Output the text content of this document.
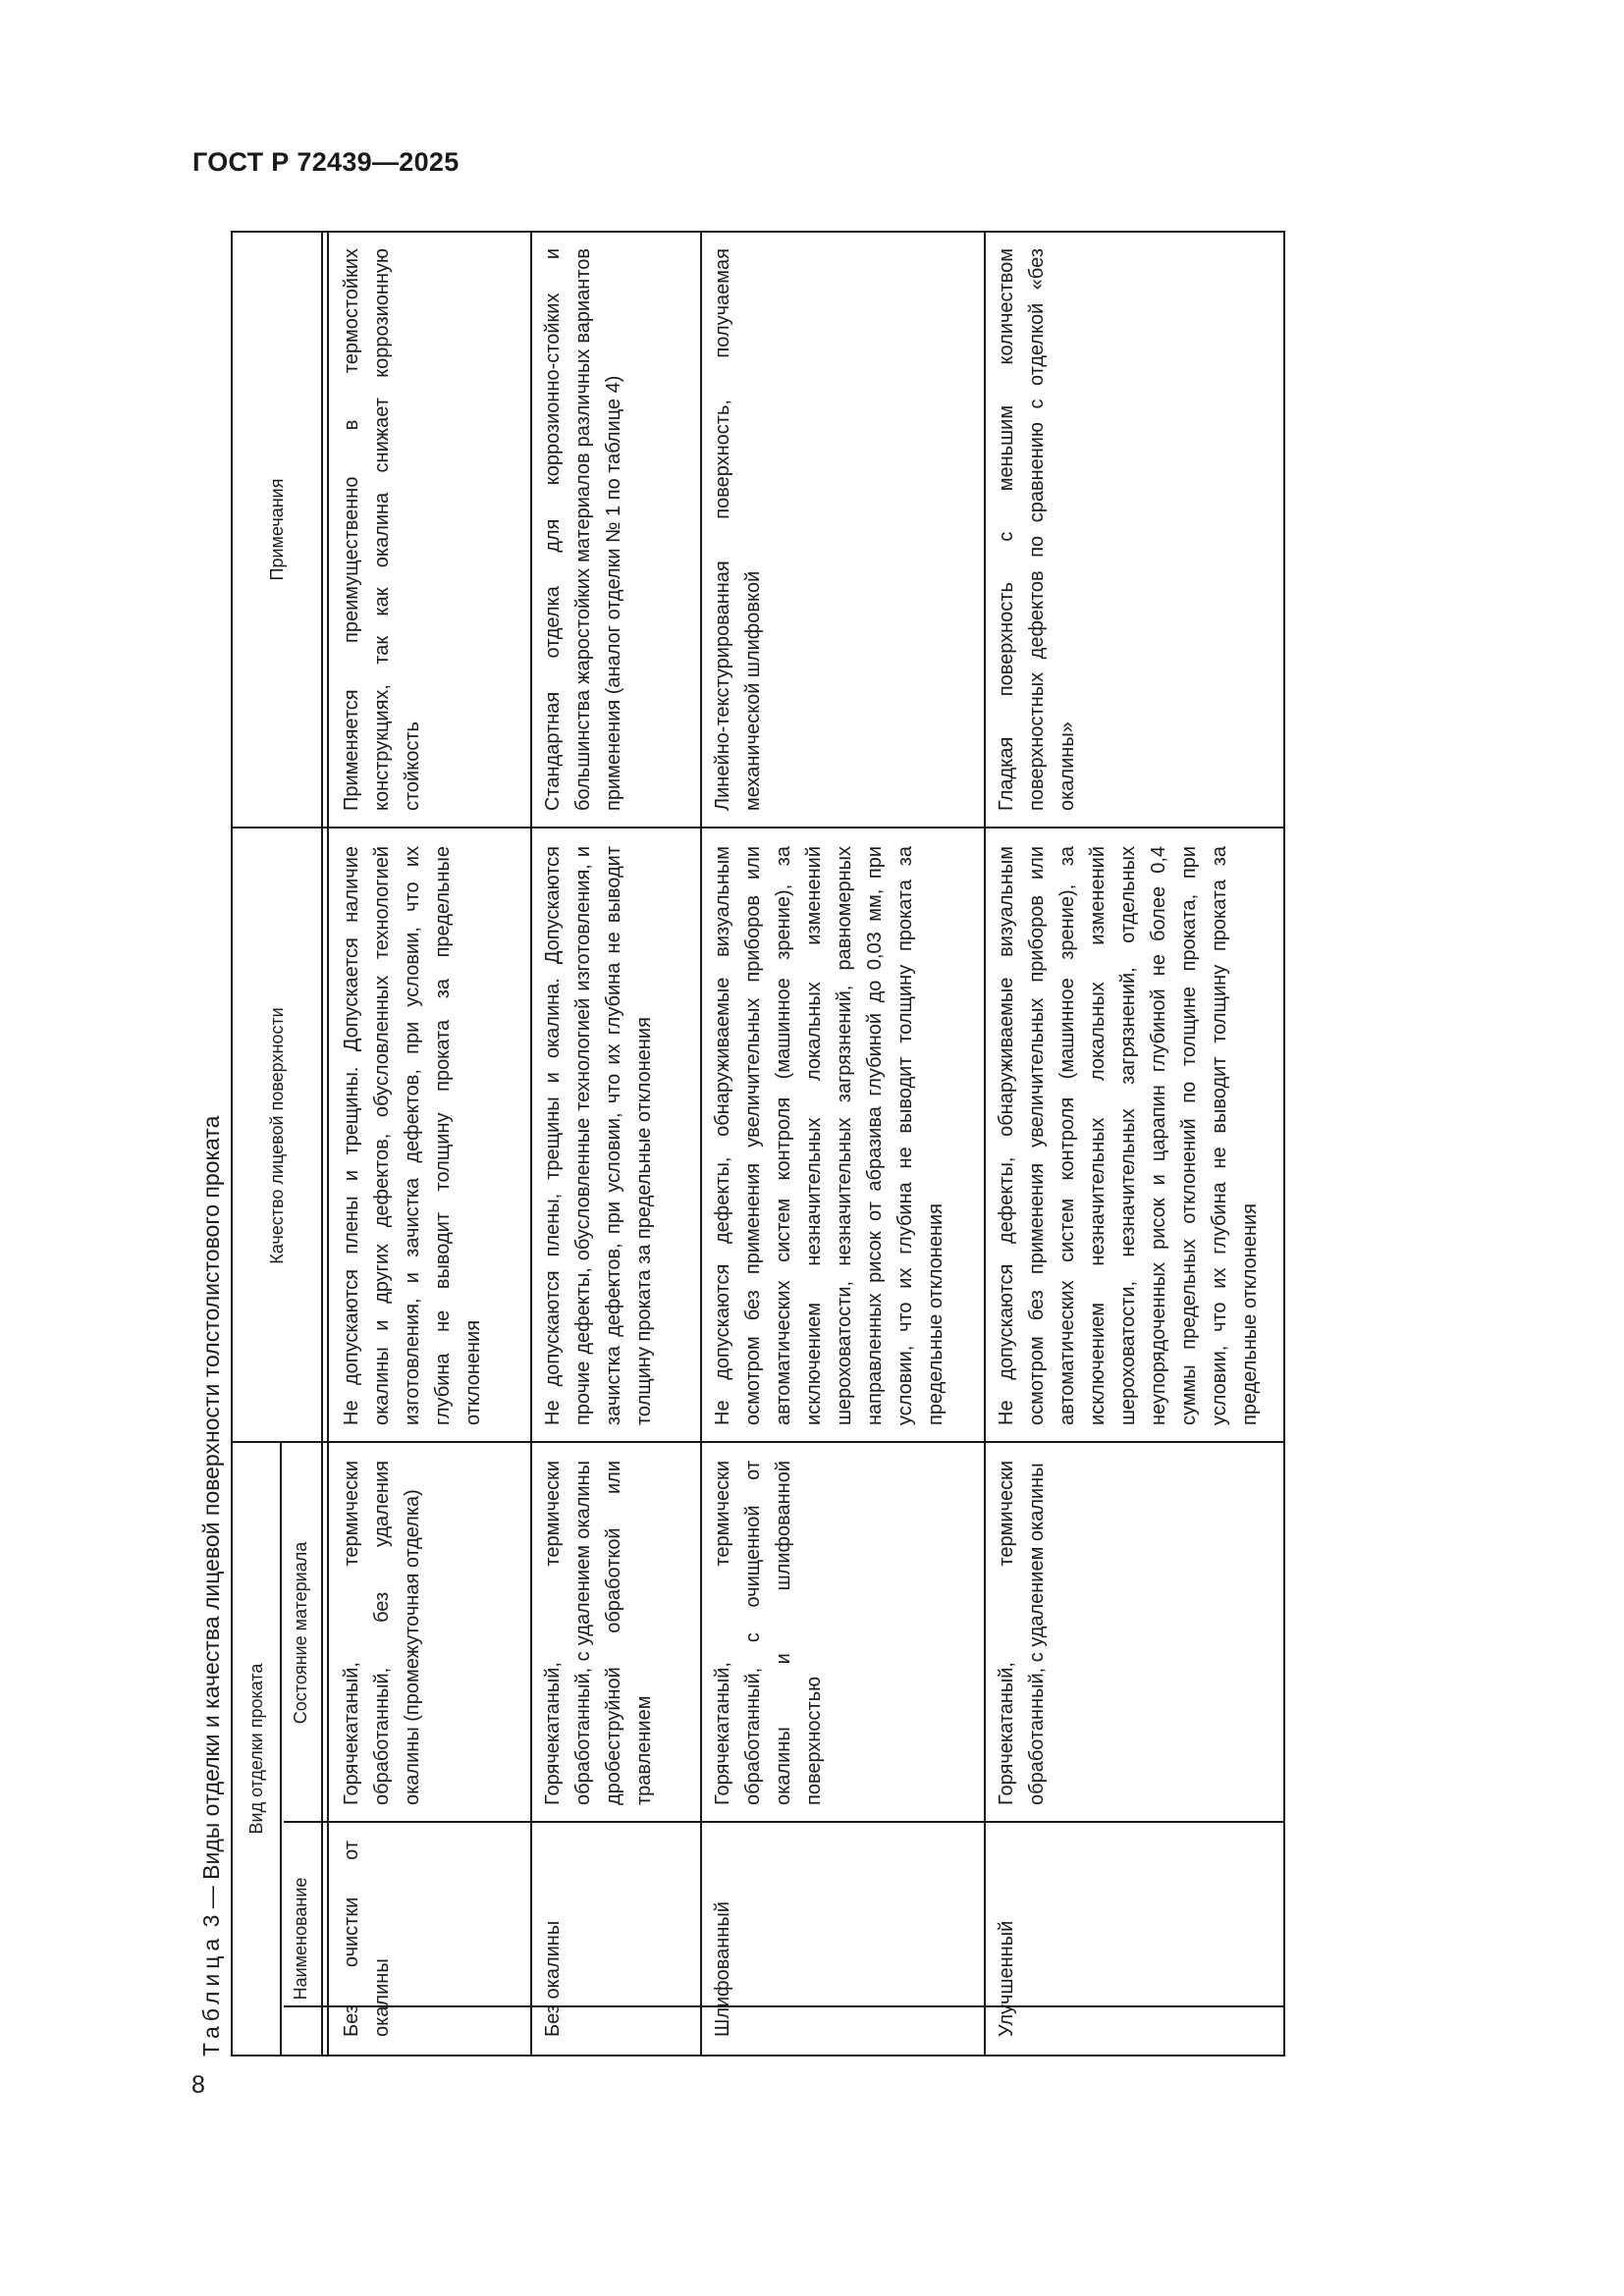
ГОСТ Р 72439—2025
8
Таблица 3 — Виды отделки и качества лицевой поверхности толстолистового проката	Вид отделки проката
Наименование
Состояние материала
Качество лицевой поверхности
Примечания
Без очистки от окалины
Горячекатаный, термически обработанный, без удаления окалины (промежуточная отделка)
Не допускаются плены и трещины. Допускается наличие окалины и других дефектов, обусловленных технологией изготовления, и зачистка дефектов, при условии, что их глубина не выводит толщину проката за предельные отклонения
Применяется преимущественно в термостойких конструкциях, так как окалина снижает коррозионную стойкость
Без окалины
Горячекатаный, термически обработанный, с удалением окалины дробеструйной обработкой или травлением
Не допускаются плены, трещины и окалина. Допускаются прочие дефекты, обусловленные технологией изготовления, и зачистка дефектов, при условии, что их глубина не выводит толщину проката за предельные отклонения
Стандартная отделка для коррозионно-стойких и большинства жаростойких материалов различных вариантов применения (аналог отделки № 1 по таблице 4)
Шлифованный
Горячекатаный, термически обработанный, с очищенной от окалины и шлифованной поверхностью
Не допускаются дефекты, обнаруживаемые визуальным осмотром без применения увеличительных приборов или автоматических систем контроля (машинное зрение), за исключением незначительных локальных изменений шероховатости, незначительных загрязнений, равномерных направленных рисок от абразива глубиной до 0,03 мм, при условии, что их глубина не выводит толщину проката за предельные отклонения
Линейно-текстурированная поверхность, получаемая механической шлифовкой
Улучшенный
Горячекатаный, термически обработанный, с удалением окалины
Не допускаются дефекты, обнаруживаемые визуальным осмотром без применения увеличительных приборов или автоматических систем контроля (машинное зрение), за исключением незначительных локальных изменений шероховатости, незначительных загрязнений, отдельных неупорядоченных рисок и царапин глубиной не более 0,4 суммы предельных отклонений по толщине проката, при условии, что их глубина не выводит толщину проката за предельные отклонения
Гладкая поверхность с меньшим количеством поверхностных дефектов по сравнению с отделкой «без окалины»
